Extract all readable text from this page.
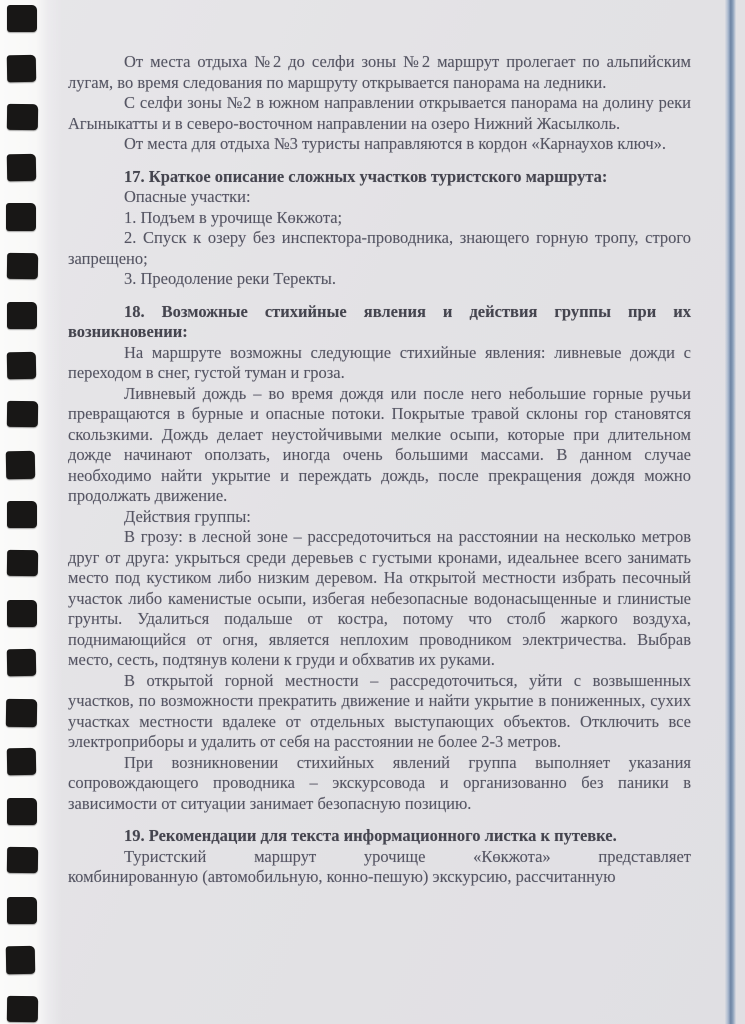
От места отдыха №2 до селфи зоны №2 маршрут пролегает по альпийским лугам, во время следования по маршруту открывается панорама на ледники.

С селфи зоны №2 в южном направлении открывается панорама на долину реки Агыныкатты и в северо-восточном направлении на озеро Нижний Жасылколь.

От места для отдыха №3 туристы направляются в кордон «Карнаухов ключ».

17. Краткое описание сложных участков туристского маршрута:

Опасные участки:

1. Подъем в урочище Көкжота;

2. Спуск к озеру без инспектора-проводника, знающего горную тропу, строго запрещено;

3. Преодоление реки Теректы.

18. Возможные стихийные явления и действия группы при их возникновении:

На маршруте возможны следующие стихийные явления: ливневые дожди с переходом в снег, густой туман и гроза.

Ливневый дождь – во время дождя или после него небольшие горные ручьи превращаются в бурные и опасные потоки. Покрытые травой склоны гор становятся скользкими. Дождь делает неустойчивыми мелкие осыпи, которые при длительном дожде начинают оползать, иногда очень большими массами. В данном случае необходимо найти укрытие и переждать дождь, после прекращения дождя можно продолжать движение.

Действия группы:

В грозу: в лесной зоне – рассредоточиться на расстоянии на несколько метров друг от друга: укрыться среди деревьев с густыми кронами, идеальнее всего занимать место под кустиком либо низким деревом. На открытой местности избрать песочный участок либо каменистые осыпи, избегая небезопасные водонасыщенные и глинистые грунты. Удалиться подальше от костра, потому что столб жаркого воздуха, поднимающийся от огня, является неплохим проводником электричества. Выбрав место, сесть, подтянув колени к груди и обхватив их руками.

В открытой горной местности – рассредоточиться, уйти с возвышенных участков, по возможности прекратить движение и найти укрытие в пониженных, сухих участках местности вдалеке от отдельных выступающих объектов. Отключить все электроприборы и удалить от себя на расстоянии не более 2-3 метров.

При возникновении стихийных явлений группа выполняет указания сопровождающего проводника – экскурсовода и организованно без паники в зависимости от ситуации занимает безопасную позицию.

19. Рекомендации для текста информационного листка к путевке.

Туристский маршрут урочище «Көкжота» представляет комбинированную (автомобильную, конно-пешую) экскурсию, рассчитанную
